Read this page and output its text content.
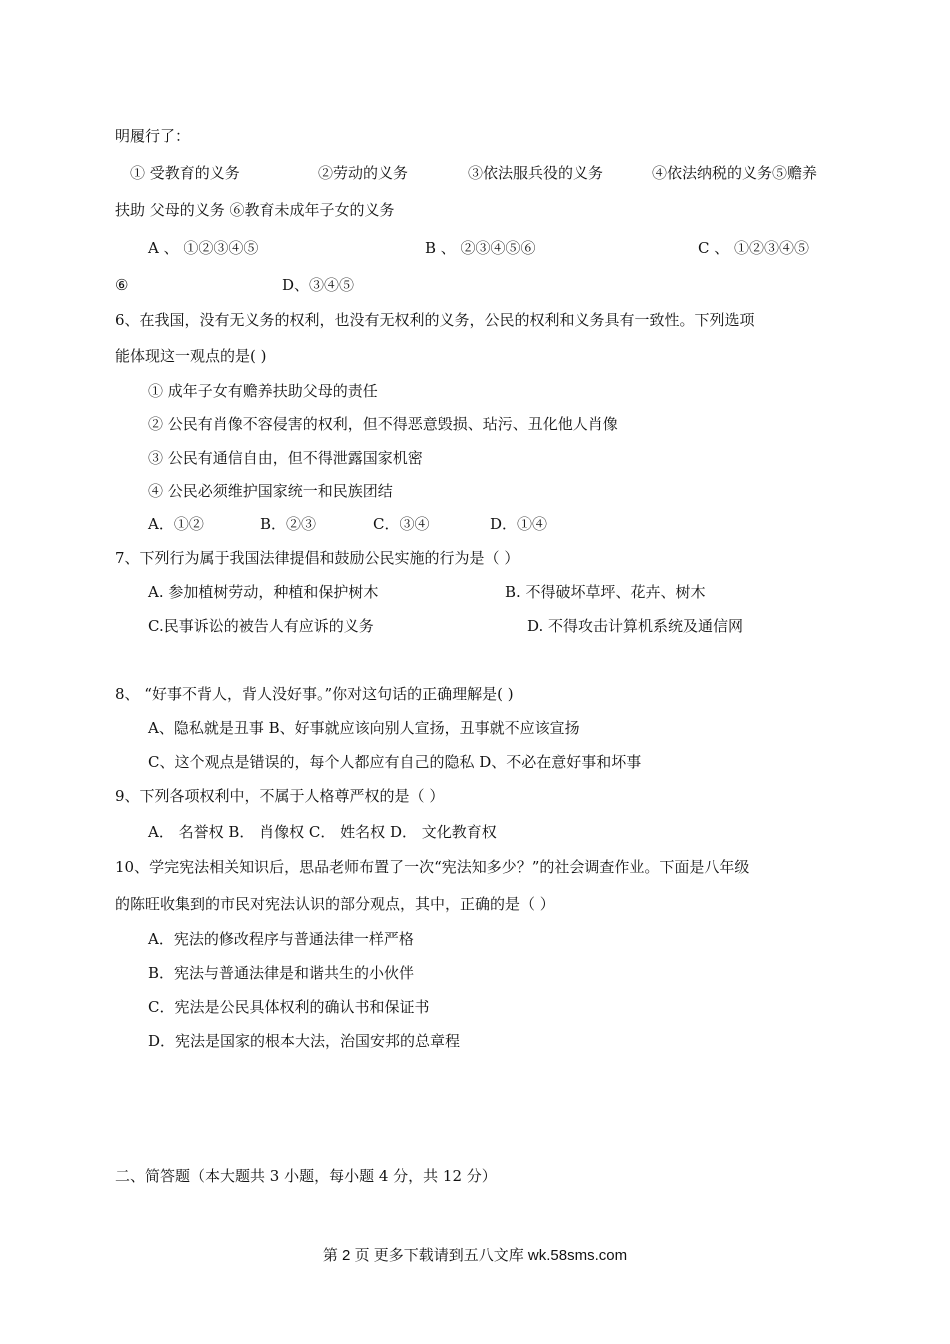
明履行了：
① 受教育的义务	②劳动的义务	③依法服兵役的义务	④依法纳税的义务⑤赡养
扶助 父母的义务 ⑥教育未成年子女的义务
A 、 ①②③④⑤	B 、 ②③④⑤⑥	C 、 ①②③④⑤
⑥	D、③④⑤
6、在我国，没有无义务的权利，也没有无权利的义务，公民的权利和义务具有一致性。下列选项
能体现这一观点的是( )
① 成年子女有赡养扶助父母的责任
② 公民有肖像不容侵害的权利，但不得恶意毁损、玷污、丑化他人肖像
③ 公民有通信自由，但不得泄露国家机密
④ 公民必须维护国家统一和民族团结
A．①②	B．②③	C．③④	D．①④
7、下列行为属于我国法律提倡和鼓励公民实施的行为是（ ）
A. 参加植树劳动，种植和保护树木	B. 不得破坏草坪、花卉、树木
C.民事诉讼的被告人有应诉的义务	D. 不得攻击计算机系统及通信网
8、 “好事不背人，背人没好事。”你对这句话的正确理解是( )
A、隐私就是丑事 B、好事就应该向别人宣扬，丑事就不应该宣扬
C、这个观点是错误的，每个人都应有自己的隐私 D、不必在意好事和坏事
9、下列各项权利中，不属于人格尊严权的是（ ）
A． 名誉权 B． 肖像权 C． 姓名权 D． 文化教育权
10、学完宪法相关知识后，思品老师布置了一次“宪法知多少？”的社会调查作业。下面是八年级
的陈旺收集到的市民对宪法认识的部分观点，其中，正确的是（ ）
A．宪法的修改程序与普通法律一样严格
B．宪法与普通法律是和谐共生的小伙伴
C．宪法是公民具体权利的确认书和保证书
D．宪法是国家的根本大法，治国安邦的总章程
二、简答题（本大题共 3 小题，每小题 4 分，共 12 分）
第 2 页 更多下载请到五八文库 wk.58sms.com
